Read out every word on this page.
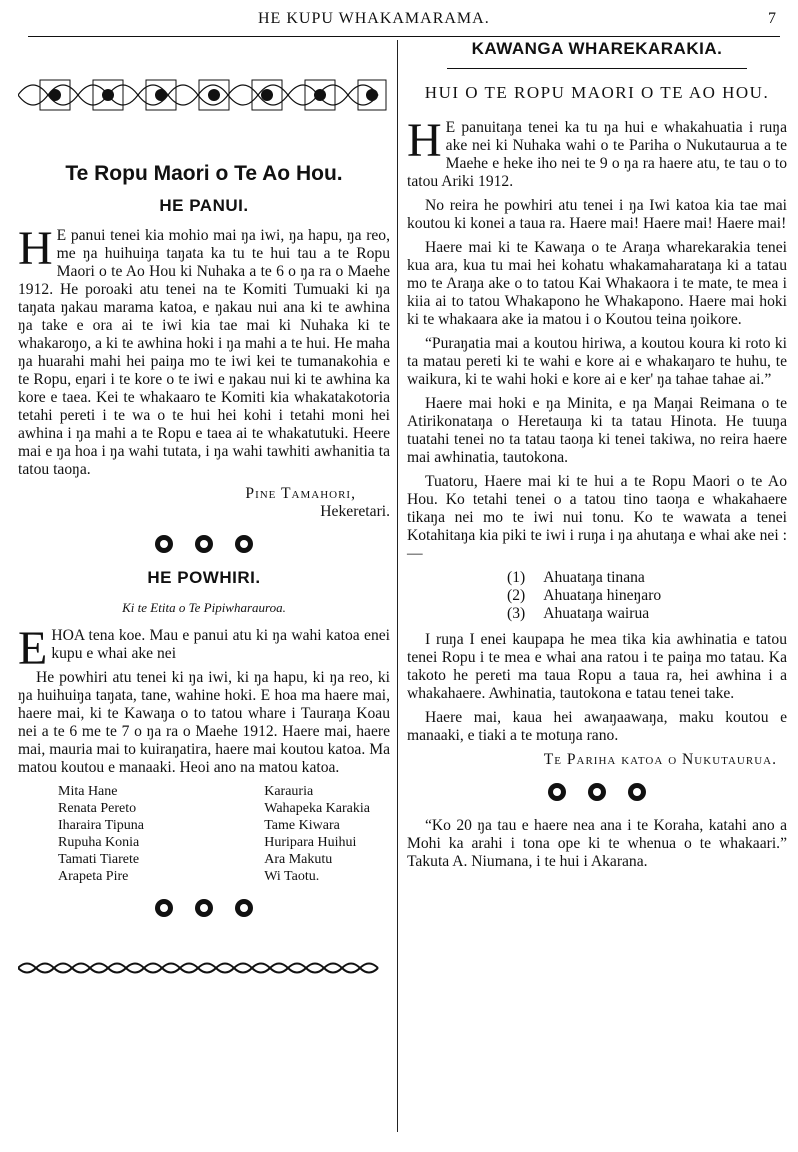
HE KUPU WHAKAMARAMA.	7
Te Ropu Maori o Te Ao Hou.
HE PANUI.

H E panui tenei kia mohio mai ŋa iwi, ŋa hapu, ŋa reo, me ŋa huihuiŋa taŋata ka tu te hui tau a te Ropu Maori o te Ao Hou ki Nuhaka a te 6 o ŋa ra o Maehe 1912. He poroaki atu tenei na te Komiti Tumuaki ki ŋa taŋata ŋakau marama katoa, e ŋakau nui ana ki te awhina ŋa take e ora ai te iwi kia tae mai ki Nuhaka ki te whakaroŋo, a ki te awhina hoki i ŋa mahi a te hui. He maha ŋa huarahi mahi hei paiŋa mo te iwi kei te tumanakohia e te Ropu, eŋari i te kore o te iwi e ŋakau nui ki te awhina ka kore e taea. Kei te whakaaro te Komiti kia whakatakotoria tetahi pereti i te wa o te hui hei kohi i tetahi moni hei awhina i ŋa mahi a te Ropu e taea ai te whakatutuki. Heere mai e ŋa hoa i ŋa wahi tutata, i ŋa wahi tawhiti awhanitia ta tatou taoŋa.

Pine Tamahori,

Hekeretari.

HE POWHIRI.
Ki te Etita o Te Pipiwharauroa.

E HOA tena koe. Mau e panui atu ki ŋa wahi katoa enei kupu e whai ake nei

He powhiri atu tenei ki ŋa iwi, ki ŋa hapu, ki ŋa reo, ki ŋa huihuiŋa taŋata, tane, wahine hoki. E hoa ma haere mai, haere mai, ki te Kawaŋa o to tatou whare i Tauraŋa Koau nei a te 6 me te 7 o ŋa ra o Maehe 1912. Haere mai, haere mai, mauria mai to kuiraŋatira, haere mai koutou katoa. Ma matou koutou e manaaki. Heoi ano na matou katoa.

Mita Hane
Renata Pereto
Iharaira Tipuna
Rupuha Konia
Tamati Tiarete
Arapeta Pire
Karauria
Wahapeka Karakia
Tame Kiwara
Huripara Huihui
Ara Makutu
Wi Taotu.
KAWANGA WHAREKARAKIA.
HUI O TE ROPU MAORI O TE AO HOU.

H E panuitaŋa tenei ka tu ŋa hui e whakahuatia i ruŋa ake nei ki Nuhaka wahi o te Pariha o Nukutaurua a te Maehe e heke iho nei te 9 o ŋa ra haere atu, te tau o to tatou Ariki 1912.

No reira he powhiri atu tenei i ŋa Iwi katoa kia tae mai koutou ki konei a taua ra. Haere mai! Haere mai! Haere mai!

Haere mai ki te Kawaŋa o te Araŋa wharekarakia tenei kua ara, kua tu mai hei kohatu whakamaharataŋa ki a tatau mo te Araŋa ake o to tatou Kai Whakaora i te mate, te mea i kiia ai to tatou Whakapono he Whakapono. Haere mai hoki ki te whakaara ake ia matou i o Koutou teina ŋoikore.

“Puraŋatia mai a koutou hiriwa, a koutou koura ki roto ki ta matau pereti ki te wahi e kore ai e whakaŋaro te huhu, te waikura, ki te wahi hoki e kore ai e ker' ŋa tahae tahae ai.”

Haere mai hoki e ŋa Minita, e ŋa Maŋai Reimana o te Atirikonataŋa o Heretauŋa ki ta tatau Hinota. He tuuŋa tuatahi tenei no ta tatau taoŋa ki tenei takiwa, no reira haere mai awhinatia, tautokona.

Tuatoru, Haere mai ki te hui a te Ropu Maori o te Ao Hou. Ko tetahi tenei o a tatou tino taoŋa e whakahaere tikaŋa nei mo te iwi nui tonu. Ko te wawata a tenei Kotahitaŋa kia piki te iwi i ruŋa i ŋa ahutaŋa e whai ake nei :—

(1) Ahuataŋa tinana
(2) Ahuataŋa hineŋaro
(3) Ahuataŋa wairua

I ruŋa I enei kaupapa he mea tika kia awhinatia e tatou tenei Ropu i te mea e whai ana ratou i te paiŋa mo tatau. Ka takoto he pereti ma taua Ropu a taua ra, hei awhina i a whakahaere. Awhinatia, tautokona e tatau tenei take.

Haere mai, kaua hei awaŋaawaŋa, maku koutou e manaaki, e tiaki a te motuŋa rano.

Te Pariha katoa o Nukutaurua.

“Ko 20 ŋa tau e haere nea ana i te Koraha, katahi ano a Mohi ka arahi i tona ope ki te whenua o te whakaari.” Takuta A. Niumana, i te hui i Akarana.
